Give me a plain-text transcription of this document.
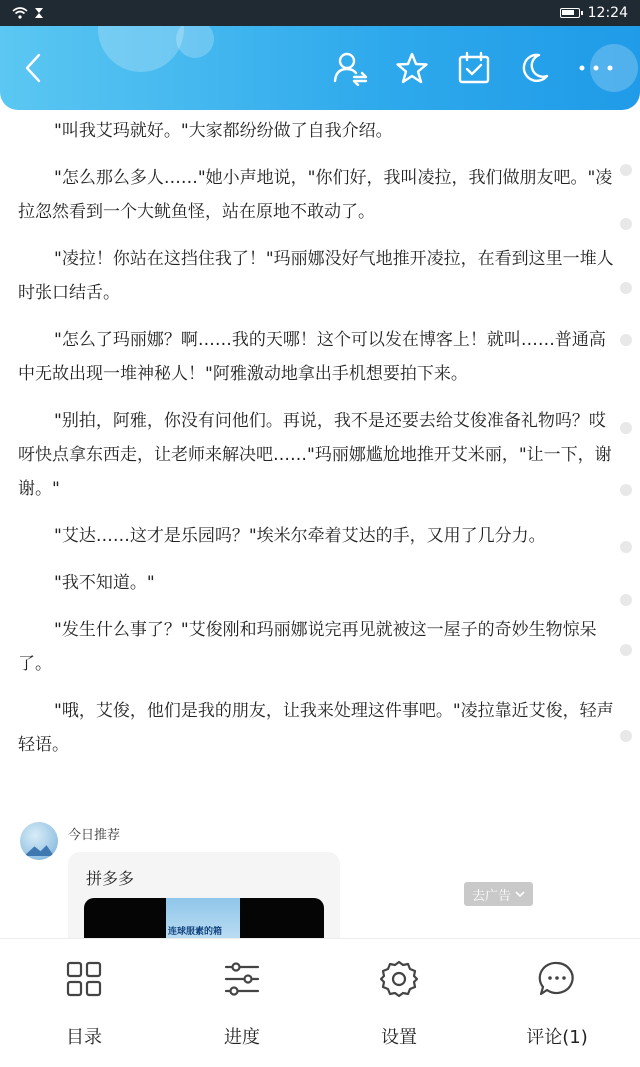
12:24

"叫我艾玛就好。"大家都纷纷做了自我介绍。

"怎么那么多人……"她小声地说，"你们好，我叫凌拉，我们做朋友吧。"凌拉忽然看到一个大鱿鱼怪，站在原地不敢动了。

"凌拉！你站在这挡住我了！"玛丽娜没好气地推开凌拉，在看到这里一堆人时张口结舌。

"怎么了玛丽娜？啊……我的天哪！这个可以发在博客上！就叫……普通高中无故出现一堆神秘人！"阿雅激动地拿出手机想要拍下来。

"别拍，阿雅，你没有问他们。再说，我不是还要去给艾俊准备礼物吗？哎呀快点拿东西走，让老师来解决吧……"玛丽娜尴尬地推开艾米丽，"让一下，谢谢。"

"艾达……这才是乐园吗？"埃米尔牵着艾达的手，又用了几分力。

"我不知道。"

"发生什么事了？"艾俊刚和玛丽娜说完再见就被这一屋子的奇妙生物惊呆了。

"哦，艾俊，他们是我的朋友，让我来处理这件事吧。"凌拉靠近艾俊，轻声轻语。

今日推荐
拼多多
连球服素的箱
去广告
目录	进度	设置	评论(1)
